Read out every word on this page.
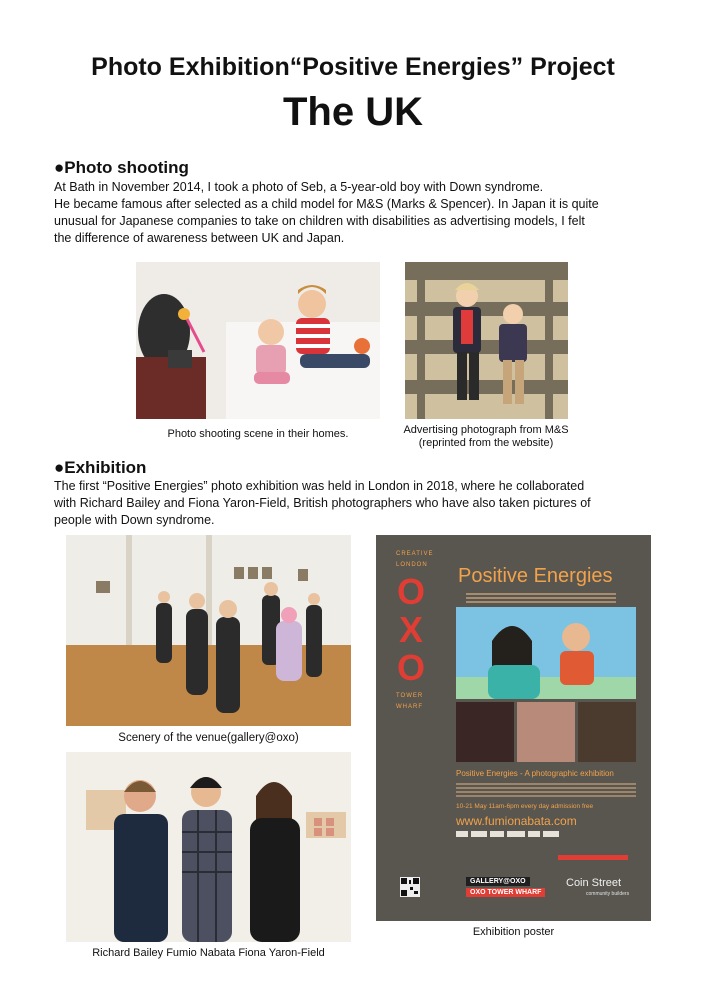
Photo Exhibition“Positive Energies” Project
The UK
●Photo shooting
At Bath in November 2014, I took a photo of Seb, a 5-year-old boy with Down syndrome.
He became famous after selected as a child model for M&S (Marks & Spencer). In Japan it is quite
unusual for Japanese companies to take on children with disabilities as advertising models, I felt
the difference of awareness between UK and Japan.
Photo shooting scene in their homes.	Advertising photograph from M&S
(reprinted from the website)
●Exhibition
The first “Positive Energies” photo exhibition was held in London in 2018, where he collaborated
with Richard Bailey and Fiona Yaron-Field, British photographers who have also taken pictures of
people with Down syndrome.
Scenery of the venue(gallery@oxo)
Richard Bailey Fumio Nabata Fiona Yaron-Field
CREATIVE
LONDON
O
X
O
TOWER
WHARF
Positive Energies
Positive Energies - A photographic exhibition
10-21 May 11am-6pm every day admission free
www.fumionabata.com
GALLERY@OXO
OXO TOWER WHARF
Coin Street
community builders
Exhibition poster
